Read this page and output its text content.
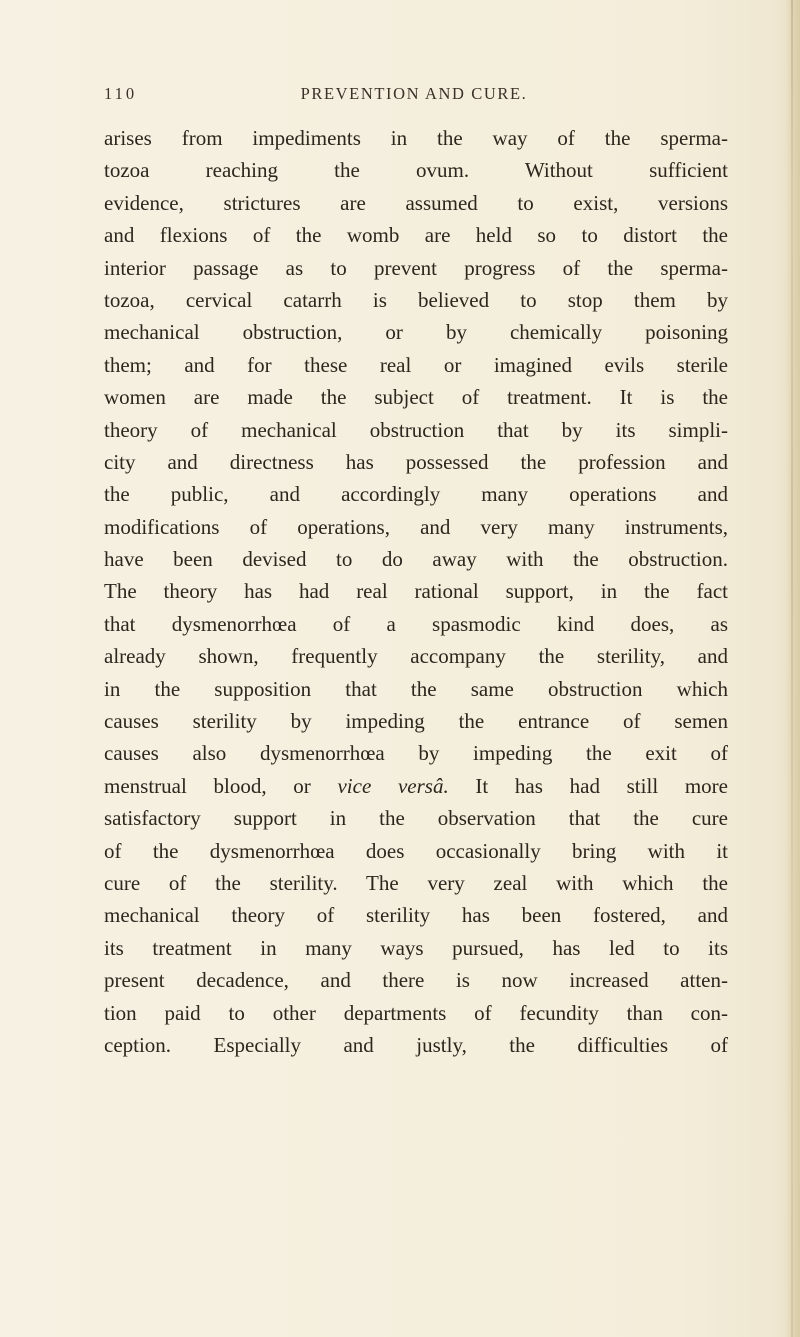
110	PREVENTION AND CURE.
arises from impediments in the way of the sperma-
tozoa reaching the ovum. Without sufficient
evidence, strictures are assumed to exist, versions
and flexions of the womb are held so to distort the
interior passage as to prevent progress of the sperma-
tozoa, cervical catarrh is believed to stop them by
mechanical obstruction, or by chemically poisoning
them; and for these real or imagined evils sterile
women are made the subject of treatment. It is the
theory of mechanical obstruction that by its simpli-
city and directness has possessed the profession and
the public, and accordingly many operations and
modifications of operations, and very many instruments,
have been devised to do away with the obstruction.
The theory has had real rational support, in the fact
that dysmenorrhœa of a spasmodic kind does, as
already shown, frequently accompany the sterility, and
in the supposition that the same obstruction which
causes sterility by impeding the entrance of semen
causes also dysmenorrhœa by impeding the exit of
menstrual blood, or vice versâ. It has had still more
satisfactory support in the observation that the cure
of the dysmenorrhœa does occasionally bring with it
cure of the sterility. The very zeal with which the
mechanical theory of sterility has been fostered, and
its treatment in many ways pursued, has led to its
present decadence, and there is now increased atten-
tion paid to other departments of fecundity than con-
ception. Especially and justly, the difficulties of
